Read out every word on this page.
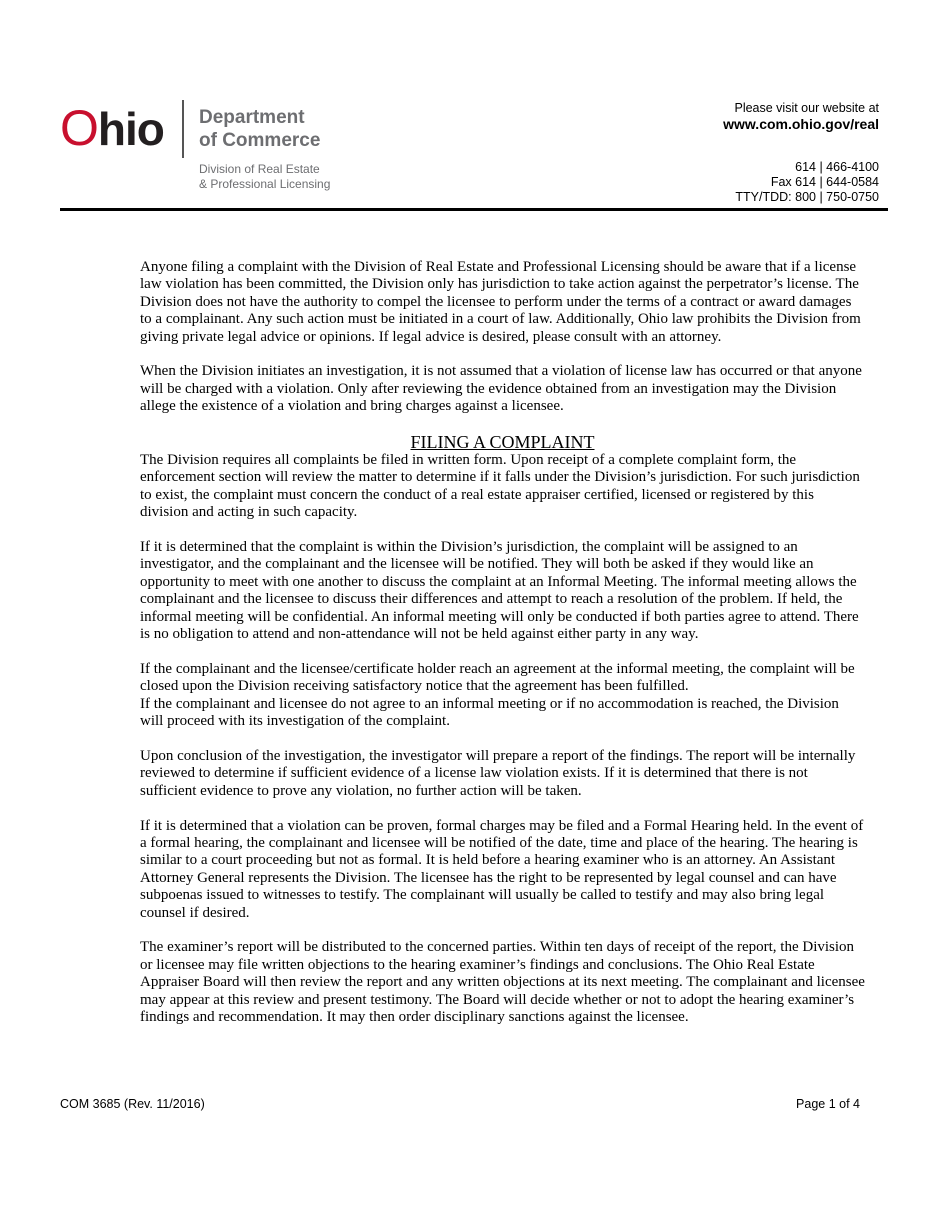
Ohio Department
of Commerce
Division of Real Estate
& Professional Licensing
Please visit our website at
www.com.ohio.gov/real
614 | 466-4100
Fax 614 | 644-0584
TTY/TDD: 800 | 750-0750

Anyone filing a complaint with the Division of Real Estate and Professional Licensing should be aware that if a license law violation has been committed, the Division only has jurisdiction to take action against the perpetrator’s license. The Division does not have the authority to compel the licensee to perform under the terms of a contract or award damages to a complainant. Any such action must be initiated in a court of law. Additionally, Ohio law prohibits the Division from giving private legal advice or opinions. If legal advice is desired, please consult with an attorney.

When the Division initiates an investigation, it is not assumed that a violation of license law has occurred or that anyone will be charged with a violation. Only after reviewing the evidence obtained from an investigation may the Division allege the existence of a violation and bring charges against a licensee.

FILING A COMPLAINT

The Division requires all complaints be filed in written form. Upon receipt of a complete complaint form, the enforcement section will review the matter to determine if it falls under the Division’s jurisdiction. For such jurisdiction to exist, the complaint must concern the conduct of a real estate appraiser certified, licensed or registered by this division and acting in such capacity.

If it is determined that the complaint is within the Division’s jurisdiction, the complaint will be assigned to an investigator, and the complainant and the licensee will be notified. They will both be asked if they would like an opportunity to meet with one another to discuss the complaint at an Informal Meeting. The informal meeting allows the complainant and the licensee to discuss their differences and attempt to reach a resolution of the problem. If held, the informal meeting will be confidential. An informal meeting will only be conducted if both parties agree to attend. There is no obligation to attend and non-attendance will not be held against either party in any way.

If the complainant and the licensee/certificate holder reach an agreement at the informal meeting, the complaint will be closed upon the Division receiving satisfactory notice that the agreement has been fulfilled.

If the complainant and licensee do not agree to an informal meeting or if no accommodation is reached, the Division will proceed with its investigation of the complaint.

Upon conclusion of the investigation, the investigator will prepare a report of the findings. The report will be internally reviewed to determine if sufficient evidence of a license law violation exists. If it is determined that there is not sufficient evidence to prove any violation, no further action will be taken.

If it is determined that a violation can be proven, formal charges may be filed and a Formal Hearing held. In the event of a formal hearing, the complainant and licensee will be notified of the date, time and place of the hearing. The hearing is similar to a court proceeding but not as formal. It is held before a hearing examiner who is an attorney. An Assistant Attorney General represents the Division. The licensee has the right to be represented by legal counsel and can have subpoenas issued to witnesses to testify. The complainant will usually be called to testify and may also bring legal counsel if desired.

The examiner’s report will be distributed to the concerned parties. Within ten days of receipt of the report, the Division or licensee may file written objections to the hearing examiner’s findings and conclusions. The Ohio Real Estate Appraiser Board will then review the report and any written objections at its next meeting. The complainant and licensee may appear at this review and present testimony. The Board will decide whether or not to adopt the hearing examiner’s findings and recommendation. It may then order disciplinary sanctions against the licensee.

COM 3685 (Rev. 11/2016)	Page 1 of 4
